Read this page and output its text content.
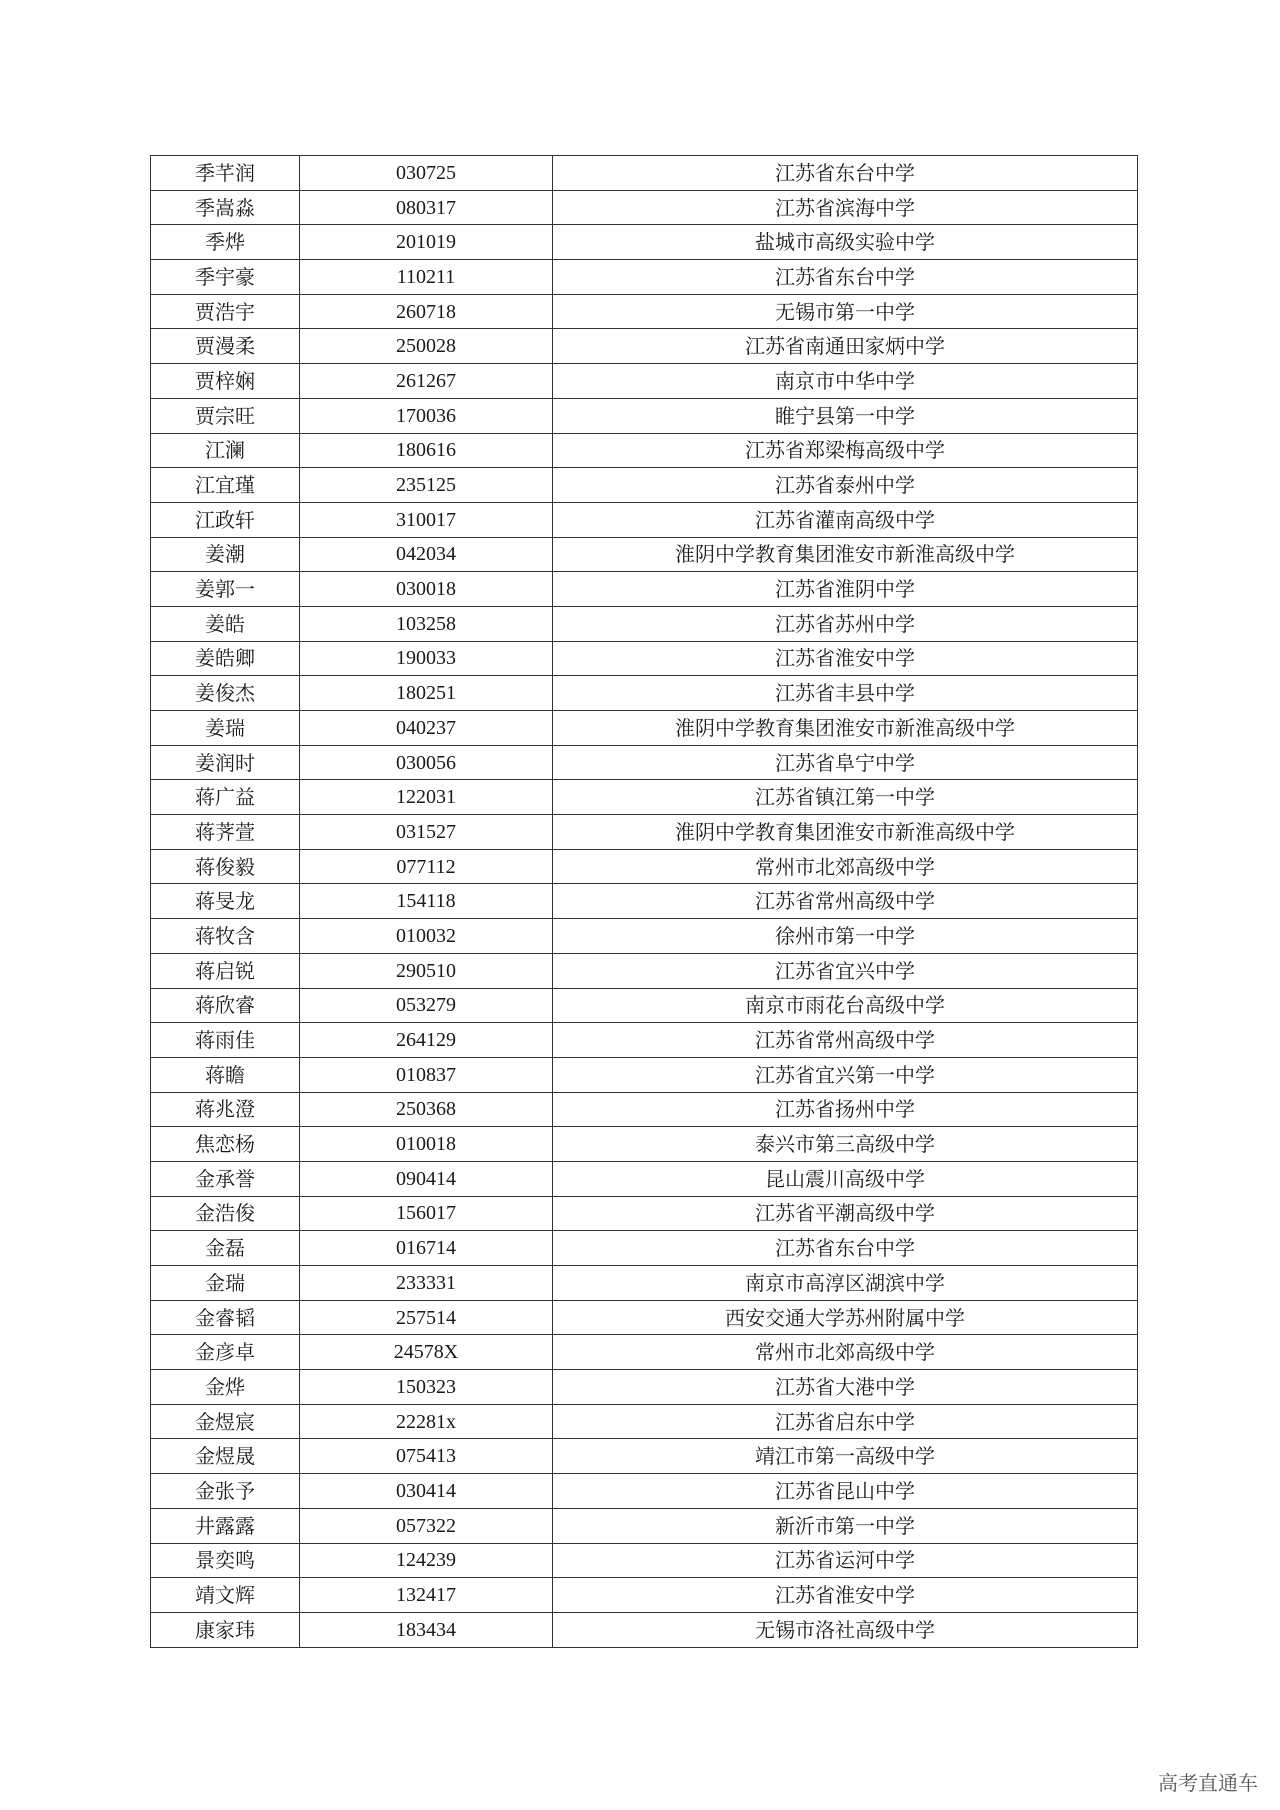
季芊润	030725	江苏省东台中学
季嵩淼	080317	江苏省滨海中学
季烨	201019	盐城市高级实验中学
季宇豪	110211	江苏省东台中学
贾浩宇	260718	无锡市第一中学
贾漫柔	250028	江苏省南通田家炳中学
贾梓娴	261267	南京市中华中学
贾宗旺	170036	睢宁县第一中学
江澜	180616	江苏省郑梁梅高级中学
江宜瑾	235125	江苏省泰州中学
江政轩	310017	江苏省灌南高级中学
姜潮	042034	淮阴中学教育集团淮安市新淮高级中学
姜郭一	030018	江苏省淮阴中学
姜皓	103258	江苏省苏州中学
姜皓卿	190033	江苏省淮安中学
姜俊杰	180251	江苏省丰县中学
姜瑞	040237	淮阴中学教育集团淮安市新淮高级中学
姜润时	030056	江苏省阜宁中学
蒋广益	122031	江苏省镇江第一中学
蒋荠萱	031527	淮阴中学教育集团淮安市新淮高级中学
蒋俊毅	077112	常州市北郊高级中学
蒋旻龙	154118	江苏省常州高级中学
蒋牧含	010032	徐州市第一中学
蒋启锐	290510	江苏省宜兴中学
蒋欣睿	053279	南京市雨花台高级中学
蒋雨佳	264129	江苏省常州高级中学
蒋瞻	010837	江苏省宜兴第一中学
蒋兆澄	250368	江苏省扬州中学
焦恋杨	010018	泰兴市第三高级中学
金承誉	090414	昆山震川高级中学
金浩俊	156017	江苏省平潮高级中学
金磊	016714	江苏省东台中学
金瑞	233331	南京市高淳区湖滨中学
金睿韬	257514	西安交通大学苏州附属中学
金彦卓	24578X	常州市北郊高级中学
金烨	150323	江苏省大港中学
金煜宸	22281x	江苏省启东中学
金煜晟	075413	靖江市第一高级中学
金张予	030414	江苏省昆山中学
井露露	057322	新沂市第一中学
景奕鸣	124239	江苏省运河中学
靖文辉	132417	江苏省淮安中学
康家玮	183434	无锡市洛社高级中学
高考直通车
